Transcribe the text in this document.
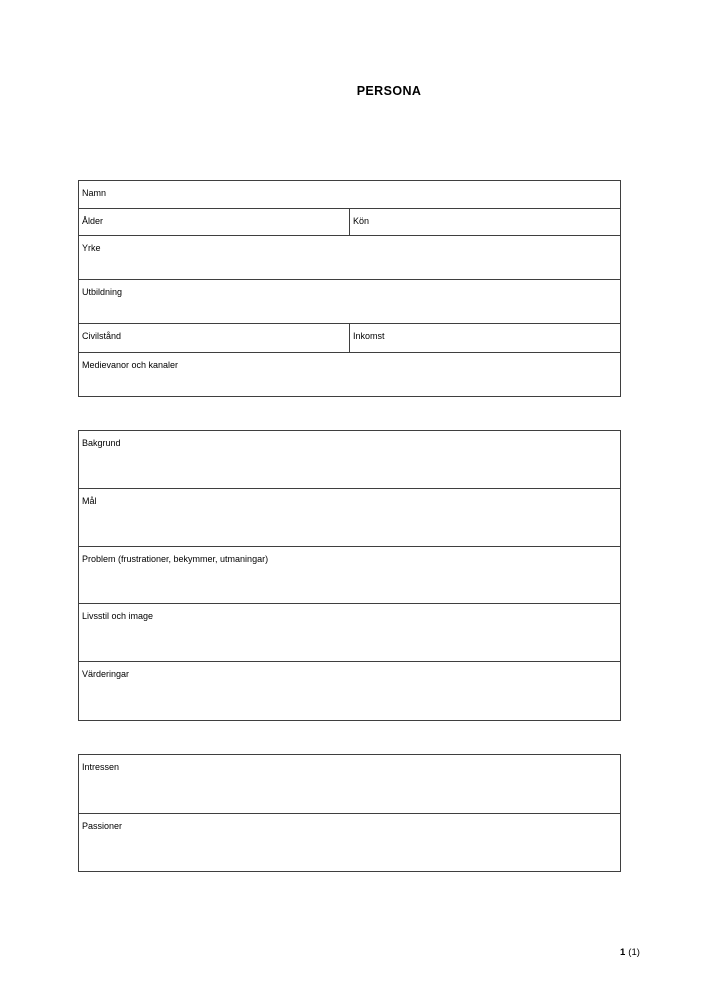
PERSONA
Namn
Ålder	Kön
Yrke
Utbildning
Civilstånd	Inkomst
Medievanor och kanaler
Bakgrund
Mål
Problem (frustrationer, bekymmer, utmaningar)
Livsstil och image
Värderingar
Intressen
Passioner
1 (1)
